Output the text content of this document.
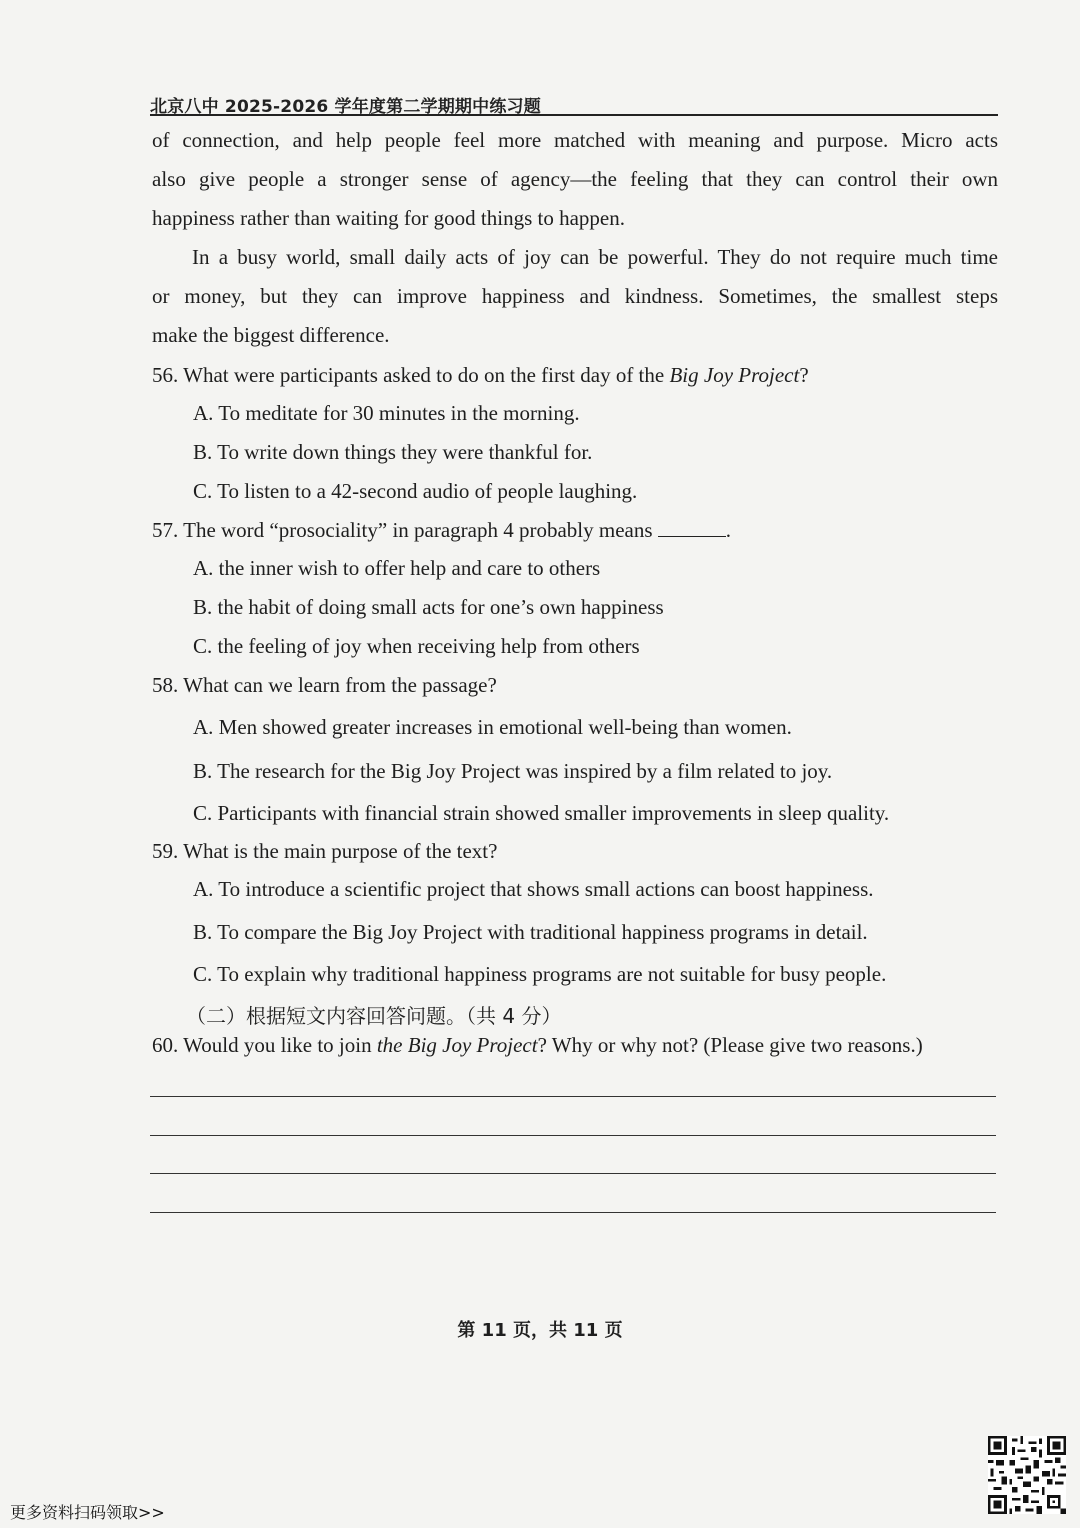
北京八中 2025-2026 学年度第二学期期中练习题
of connection, and help people feel more matched with meaning and purpose. Micro acts
also give people a stronger sense of agency—the feeling that they can control their own
happiness rather than waiting for good things to happen.
In a busy world, small daily acts of joy can be powerful. They do not require much time
or money, but they can improve happiness and kindness. Sometimes, the smallest steps
make the biggest difference.
56. What were participants asked to do on the first day of the Big Joy Project?
A. To meditate for 30 minutes in the morning.
B. To write down things they were thankful for.
C. To listen to a 42-second audio of people laughing.
57. The word “prosociality” in paragraph 4 probably means	.
A. the inner wish to offer help and care to others
B. the habit of doing small acts for one’s own happiness
C. the feeling of joy when receiving help from others
58. What can we learn from the passage?
A. Men showed greater increases in emotional well-being than women.
B. The research for the Big Joy Project was inspired by a film related to joy.
C. Participants with financial strain showed smaller improvements in sleep quality.
59. What is the main purpose of the text?
A. To introduce a scientific project that shows small actions can boost happiness.
B. To compare the Big Joy Project with traditional happiness programs in detail.
C. To explain why traditional happiness programs are not suitable for busy people.
（二）根据短文内容回答问题。（共 4 分）
60. Would you like to join the Big Joy Project? Why or why not? (Please give two reasons.)
第 11 页，共 11 页
更多资料扫码领取>>
